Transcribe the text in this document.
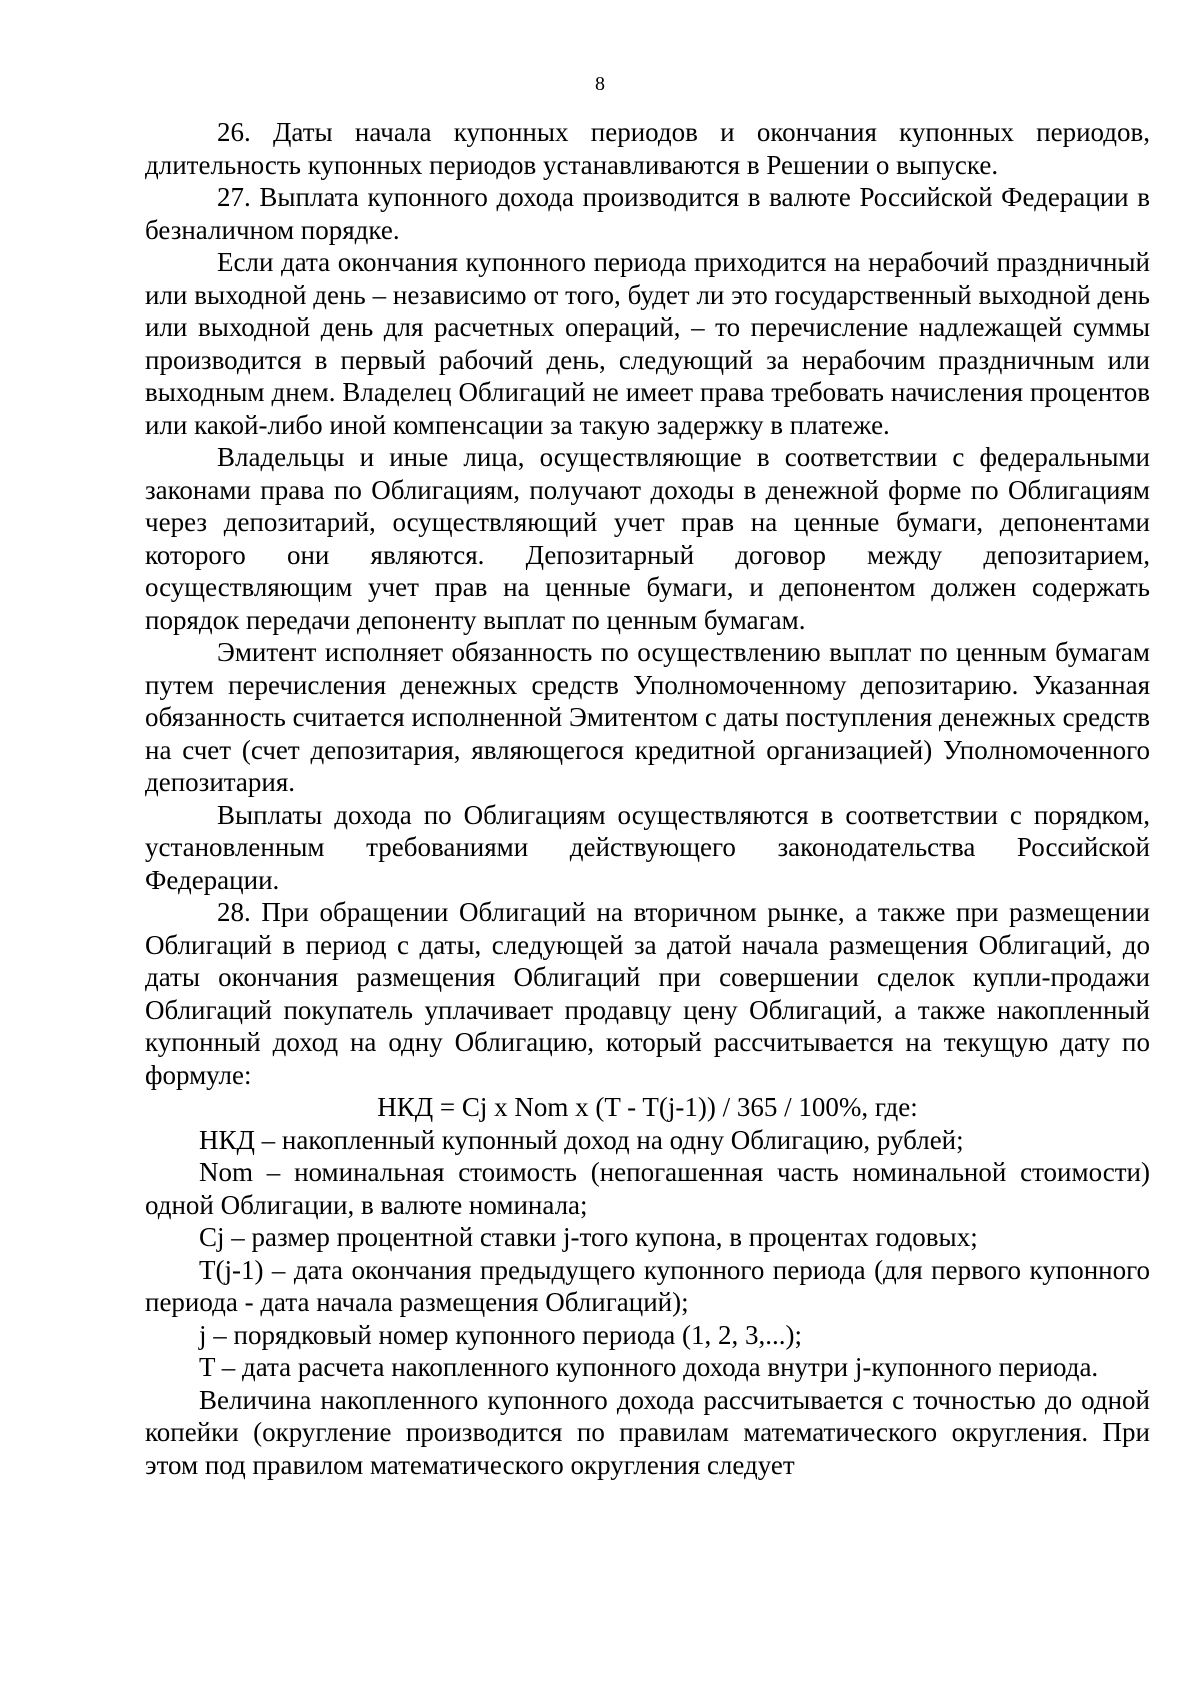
8

26. Даты начала купонных периодов и окончания купонных периодов, длительность купонных периодов устанавливаются в Решении о выпуске.

27. Выплата купонного дохода производится в валюте Российской Федерации в безналичном порядке.

Если дата окончания купонного периода приходится на нерабочий праздничный или выходной день – независимо от того, будет ли это государственный выходной день или выходной день для расчетных операций, – то перечисление надлежащей суммы производится в первый рабочий день, следующий за нерабочим праздничным или выходным днем. Владелец Облигаций не имеет права требовать начисления процентов или какой-либо иной компенсации за такую задержку в платеже.

Владельцы и иные лица, осуществляющие в соответствии с федеральными законами права по Облигациям, получают доходы в денежной форме по Облигациям через депозитарий, осуществляющий учет прав на ценные бумаги, депонентами которого они являются. Депозитарный договор между депозитарием, осуществляющим учет прав на ценные бумаги, и депонентом должен содержать порядок передачи депоненту выплат по ценным бумагам.

Эмитент исполняет обязанность по осуществлению выплат по ценным бумагам путем перечисления денежных средств Уполномоченному депозитарию. Указанная обязанность считается исполненной Эмитентом с даты поступления денежных средств на счет (счет депозитария, являющегося кредитной организацией) Уполномоченного депозитария.

Выплаты дохода по Облигациям осуществляются в соответствии с порядком, установленным требованиями действующего законодательства Российской Федерации.

28. При обращении Облигаций на вторичном рынке, а также при размещении Облигаций в период с даты, следующей за датой начала размещения Облигаций, до даты окончания размещения Облигаций при совершении сделок купли-продажи Облигаций покупатель уплачивает продавцу цену Облигаций, а также накопленный купонный доход на одну Облигацию, который рассчитывается на текущую дату по формуле:

НКД = Cj x Nom x (T - T(j-1)) / 365 / 100%, где:

НКД – накопленный купонный доход на одну Облигацию, рублей;

Nom – номинальная стоимость (непогашенная часть номинальной стоимости) одной Облигации, в валюте номинала;

Cj – размер процентной ставки j-того купона, в процентах годовых;

T(j-1) – дата окончания предыдущего купонного периода (для первого купонного периода - дата начала размещения Облигаций);

j – порядковый номер купонного периода (1, 2, 3,...);

T – дата расчета накопленного купонного дохода внутри j-купонного периода.

Величина накопленного купонного дохода рассчитывается с точностью до одной копейки (округление производится по правилам математического округления. При этом под правилом математического округления следует
